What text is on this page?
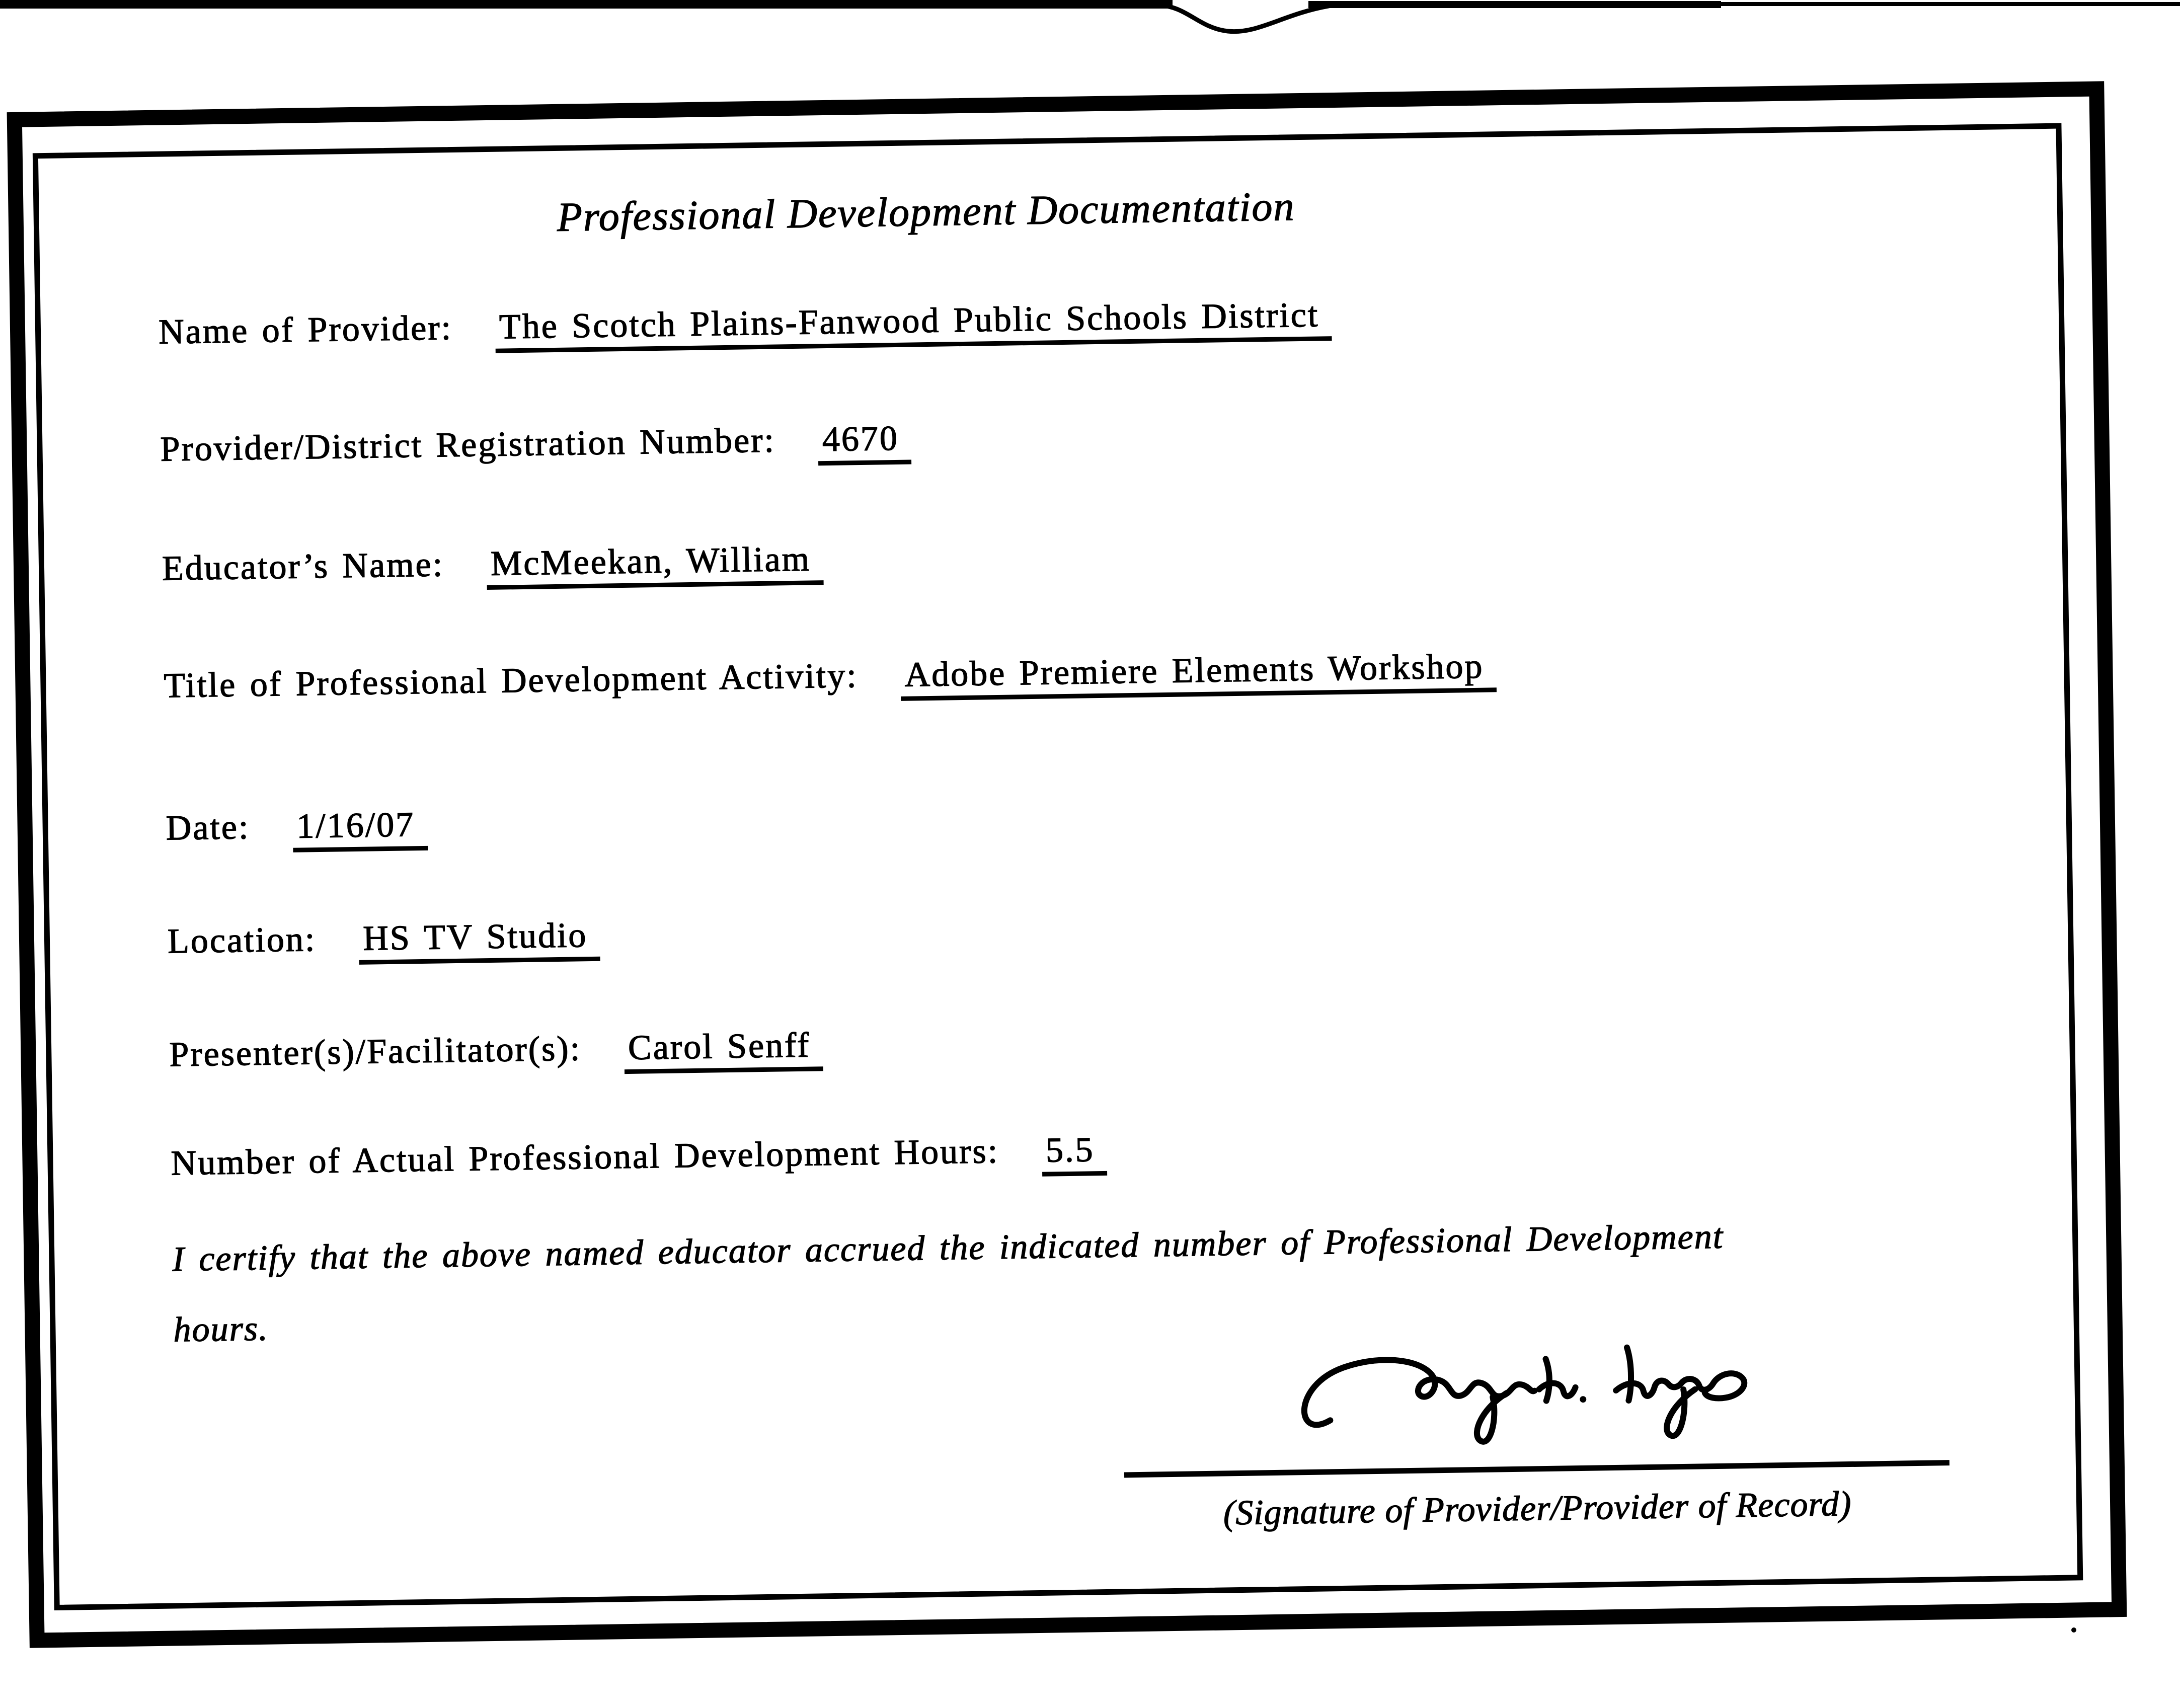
Professional Development Documentation
Name of Provider: The Scotch Plains-Fanwood Public Schools District
Provider/District Registration Number: 4670
Educator’s Name: McMeekan, William
Title of Professional Development Activity: Adobe Premiere Elements Workshop
Date: 1/16/07
Location: HS TV Studio
Presenter(s)/Facilitator(s): Carol Senff
Number of Actual Professional Development Hours: 5.5
I certify that the above named educator accrued the indicated number of Professional Development
hours.
(Signature of Provider/Provider of Record)
